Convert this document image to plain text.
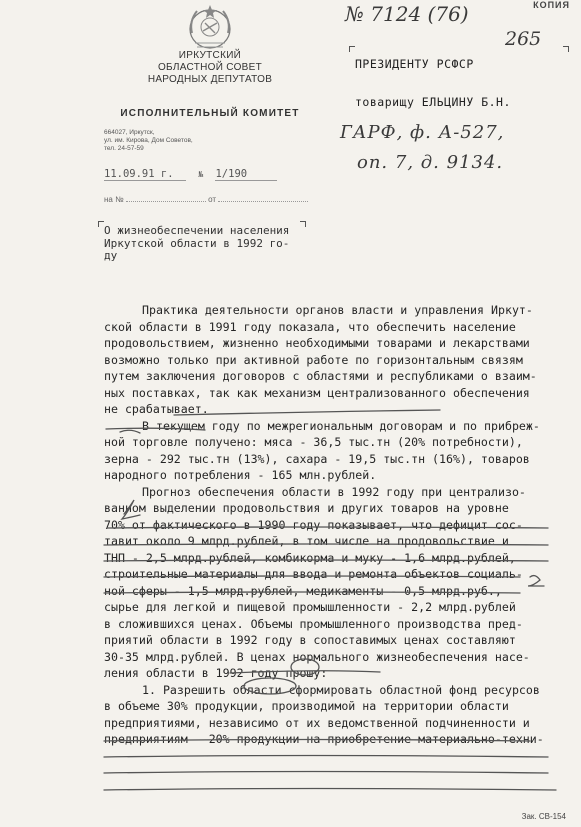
ИРКУТСКИЙ
ОБЛАСТНОЙ СОВЕТ
НАРОДНЫХ ДЕПУТАТОВ
ИСПОЛНИТЕЛЬНЫЙ КОМИТЕТ
664027, Иркутск,
ул. им. Кирова, Дом Советов,
тел. 24-57-59
11.09.91 г.	№ 1/190
на №	от
КОПИЯ
№ 7124 (76)
265
ГАРФ, ф. А-527,
оп. 7, д. 9134.
ПРЕЗИДЕНТУ РСФСР
товарищу ЕЛЬЦИНУ Б.Н.
О жизнеобеспечении населения
Иркутской области в 1992 го-
ду

Практика деятельности органов власти и управления Иркут-

ской области в 1991 году показала, что обеспечить население

продовольствием, жизненно необходимыми товарами и лекарствами

возможно только при активной работе по горизонтальным связям

путем заключения договоров с областями и республиками о взаим-

ных поставках, так как механизм централизованного обеспечения

не срабатывает.

В текущем году по межрегиональным договорам и по прибреж-

ной торговле получено: мяса - 36,5 тыс.тн (20% потребности),

зерна - 292 тыс.тн (13%), сахара - 19,5 тыс.тн (16%), товаров

народного потребления - 165 млн.рублей.

Прогноз обеспечения области в 1992 году при централизо-

ванном выделении продовольствия и других товаров на уровне

70% от фактического в 1990 году показывает, что дефицит сос-

тавит около 9 млрд.рублей, в том числе на продовольствие и

ТНП - 2,5 млрд.рублей, комбикорма и муку - 1,6 млрд.рублей,

строительные материалы для ввода и ремонта объектов социаль-

ной сферы - 1,5 млрд.рублей, медикаменты - 0,5 млрд.руб.,

сырье для легкой и пищевой промышленности - 2,2 млрд.рублей

в сложившихся ценах. Объемы промышленного производства пред-

приятий области в 1992 году в сопоставимых ценах составляют

30-35 млрд.рублей. В ценах нормального жизнеобеспечения насе-

ления области в 1992 году прошу:

1. Разрешить области сформировать областной фонд ресурсов

в объеме 30% продукции, производимой на территории области

предприятиями, независимо от их ведомственной подчиненности и

предприятиям - 20% продукции на приобретение материально-техни-

Зак. СВ-154
